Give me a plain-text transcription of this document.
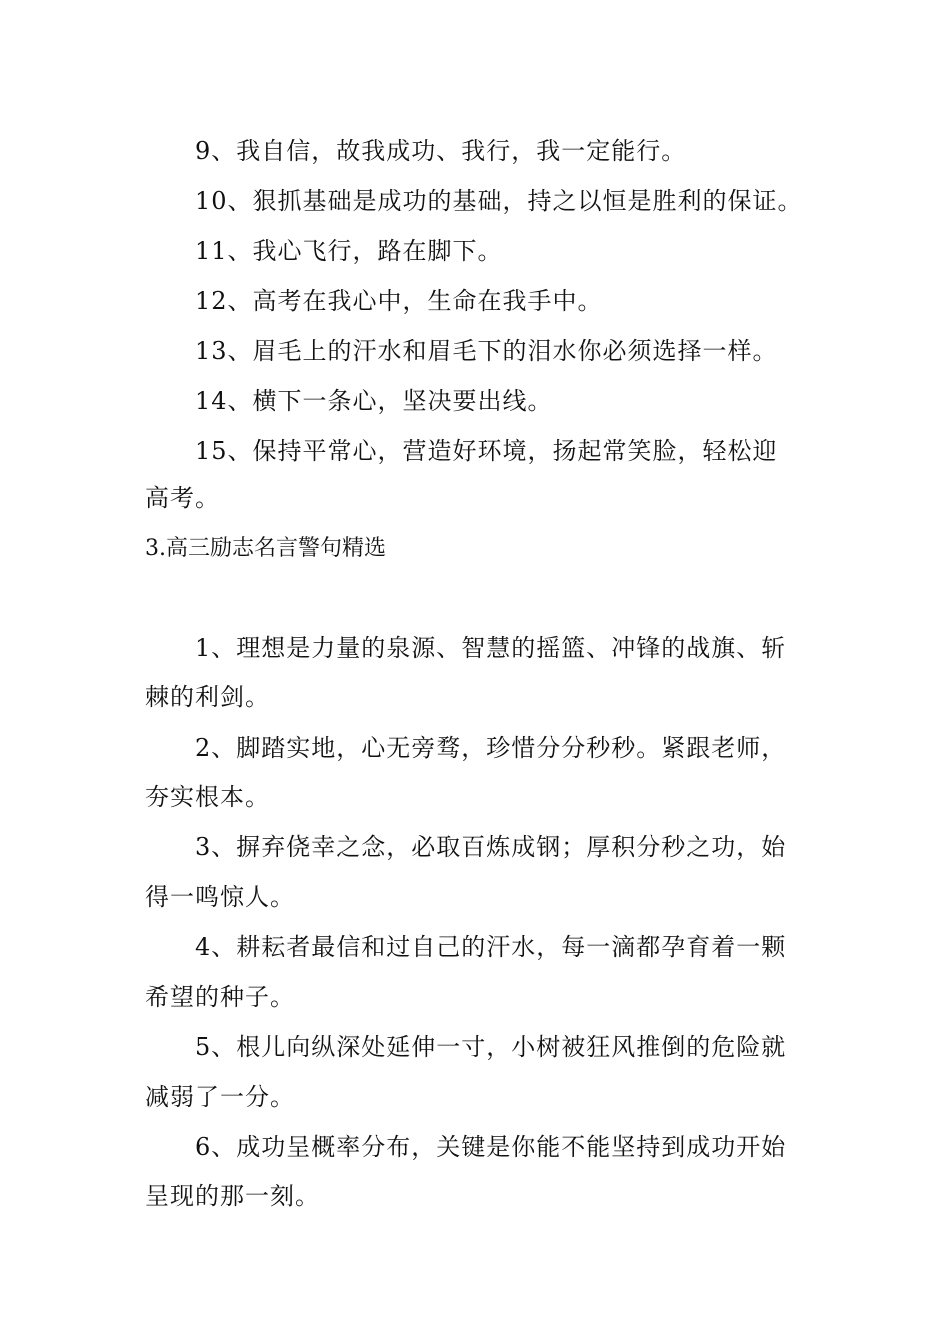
9、我自信，故我成功、我行，我一定能行。
10、狠抓基础是成功的基础，持之以恒是胜利的保证。
11、我心飞行，路在脚下。
12、高考在我心中，生命在我手中。
13、眉毛上的汗水和眉毛下的泪水你必须选择一样。
14、横下一条心，坚决要出线。
15、保持平常心，营造好环境，扬起常笑脸，轻松迎
高考。
3.高三励志名言警句精选
1、理想是力量的泉源、智慧的摇篮、冲锋的战旗、斩
棘的利剑。
2、脚踏实地，心无旁骛，珍惜分分秒秒。紧跟老师，
夯实根本。
3、摒弃侥幸之念，必取百炼成钢；厚积分秒之功，始
得一鸣惊人。
4、耕耘者最信和过自己的汗水，每一滴都孕育着一颗
希望的种子。
5、根儿向纵深处延伸一寸，小树被狂风推倒的危险就
减弱了一分。
6、成功呈概率分布，关键是你能不能坚持到成功开始
呈现的那一刻。
